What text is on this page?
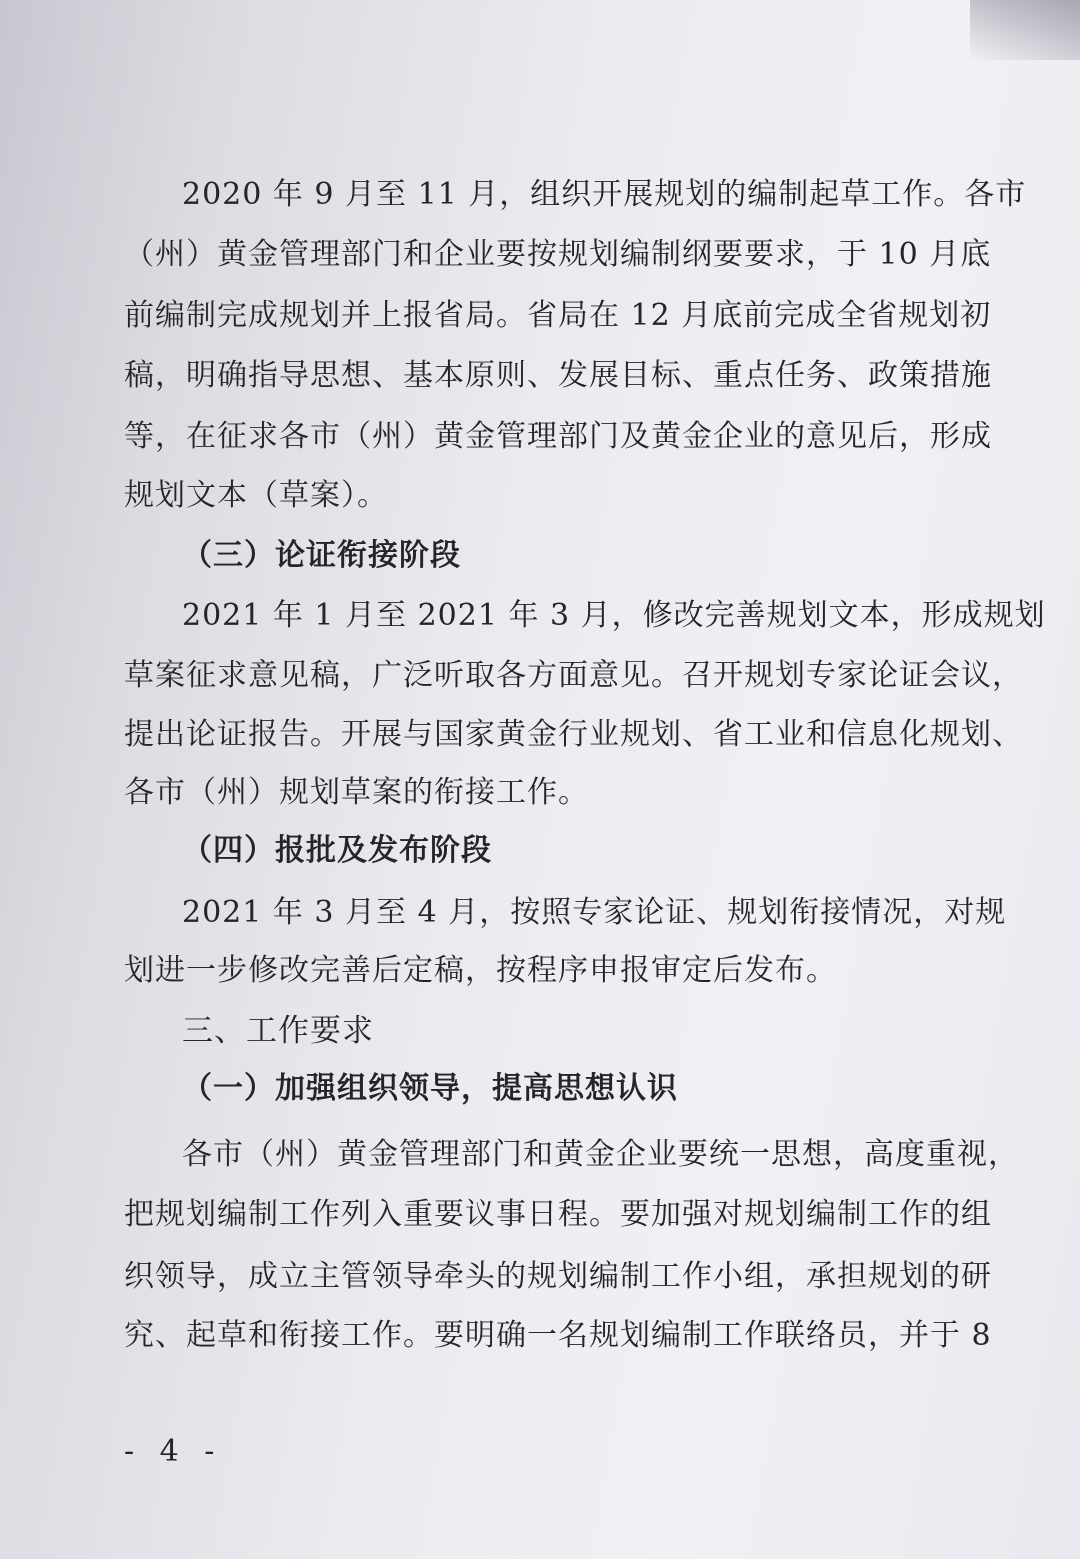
2020 年 9 月至 11 月，组织开展规划的编制起草工作。各市
（州）黄金管理部门和企业要按规划编制纲要要求，于 10 月底
前编制完成规划并上报省局。省局在 12 月底前完成全省规划初
稿，明确指导思想、基本原则、发展目标、重点任务、政策措施
等，在征求各市（州）黄金管理部门及黄金企业的意见后，形成
规划文本（草案）。
（三）论证衔接阶段
2021 年 1 月至 2021 年 3 月，修改完善规划文本，形成规划
草案征求意见稿，广泛听取各方面意见。召开规划专家论证会议，
提出论证报告。开展与国家黄金行业规划、省工业和信息化规划、
各市（州）规划草案的衔接工作。
（四）报批及发布阶段
2021 年 3 月至 4 月，按照专家论证、规划衔接情况，对规
划进一步修改完善后定稿，按程序申报审定后发布。
三、工作要求
（一）加强组织领导，提高思想认识
各市（州）黄金管理部门和黄金企业要统一思想，高度重视，
把规划编制工作列入重要议事日程。要加强对规划编制工作的组
织领导，成立主管领导牵头的规划编制工作小组，承担规划的研
究、起草和衔接工作。要明确一名规划编制工作联络员，并于 8
- 4 -
